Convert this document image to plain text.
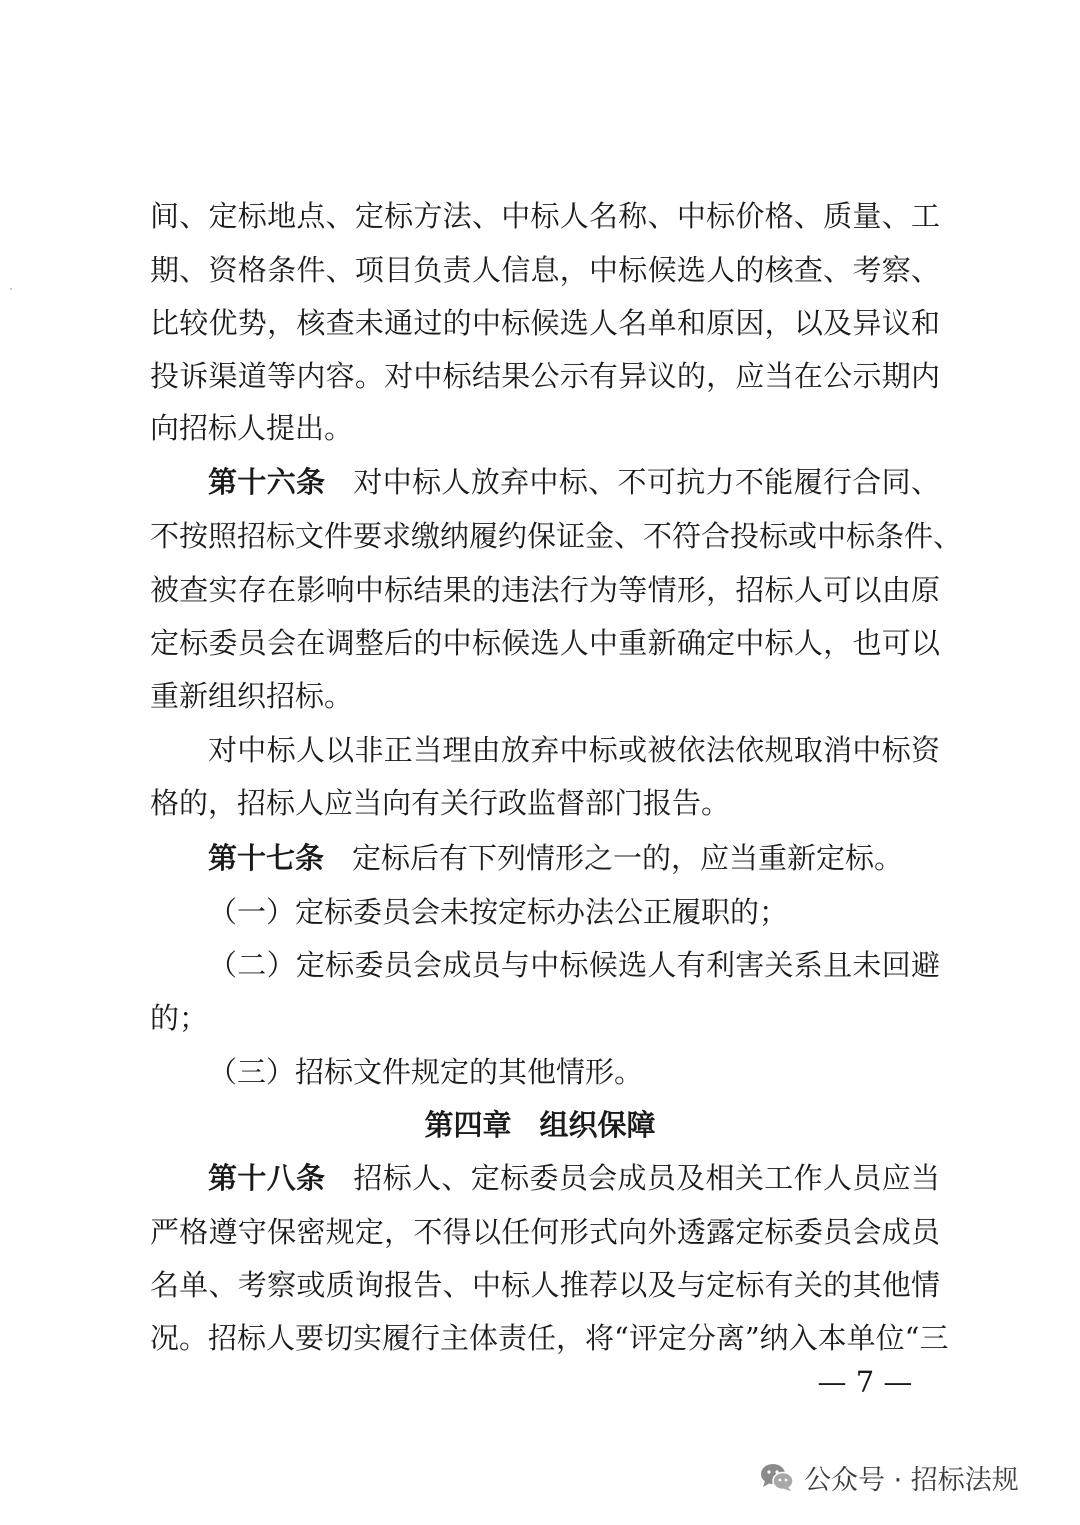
间、定标地点、定标方法、中标人名称、中标价格、质量、工
期、资格条件、项目负责人信息，中标候选人的核查、考察、
比较优势，核查未通过的中标候选人名单和原因，以及异议和
投诉渠道等内容。对中标结果公示有异议的，应当在公示期内
向招标人提出。
第十六条 对中标人放弃中标、不可抗力不能履行合同、
不按照招标文件要求缴纳履约保证金、不符合投标或中标条件、
被查实存在影响中标结果的违法行为等情形，招标人可以由原
定标委员会在调整后的中标候选人中重新确定中标人，也可以
重新组织招标。
对中标人以非正当理由放弃中标或被依法依规取消中标资
格的，招标人应当向有关行政监督部门报告。
第十七条 定标后有下列情形之一的，应当重新定标。
（一）定标委员会未按定标办法公正履职的；
（二）定标委员会成员与中标候选人有利害关系且未回避
的；
（三）招标文件规定的其他情形。
第四章 组织保障
第十八条 招标人、定标委员会成员及相关工作人员应当
严格遵守保密规定，不得以任何形式向外透露定标委员会成员
名单、考察或质询报告、中标人推荐以及与定标有关的其他情
况。招标人要切实履行主体责任，将“评定分离”纳入本单位“三
— 7 —
公众号 · 招标法规
